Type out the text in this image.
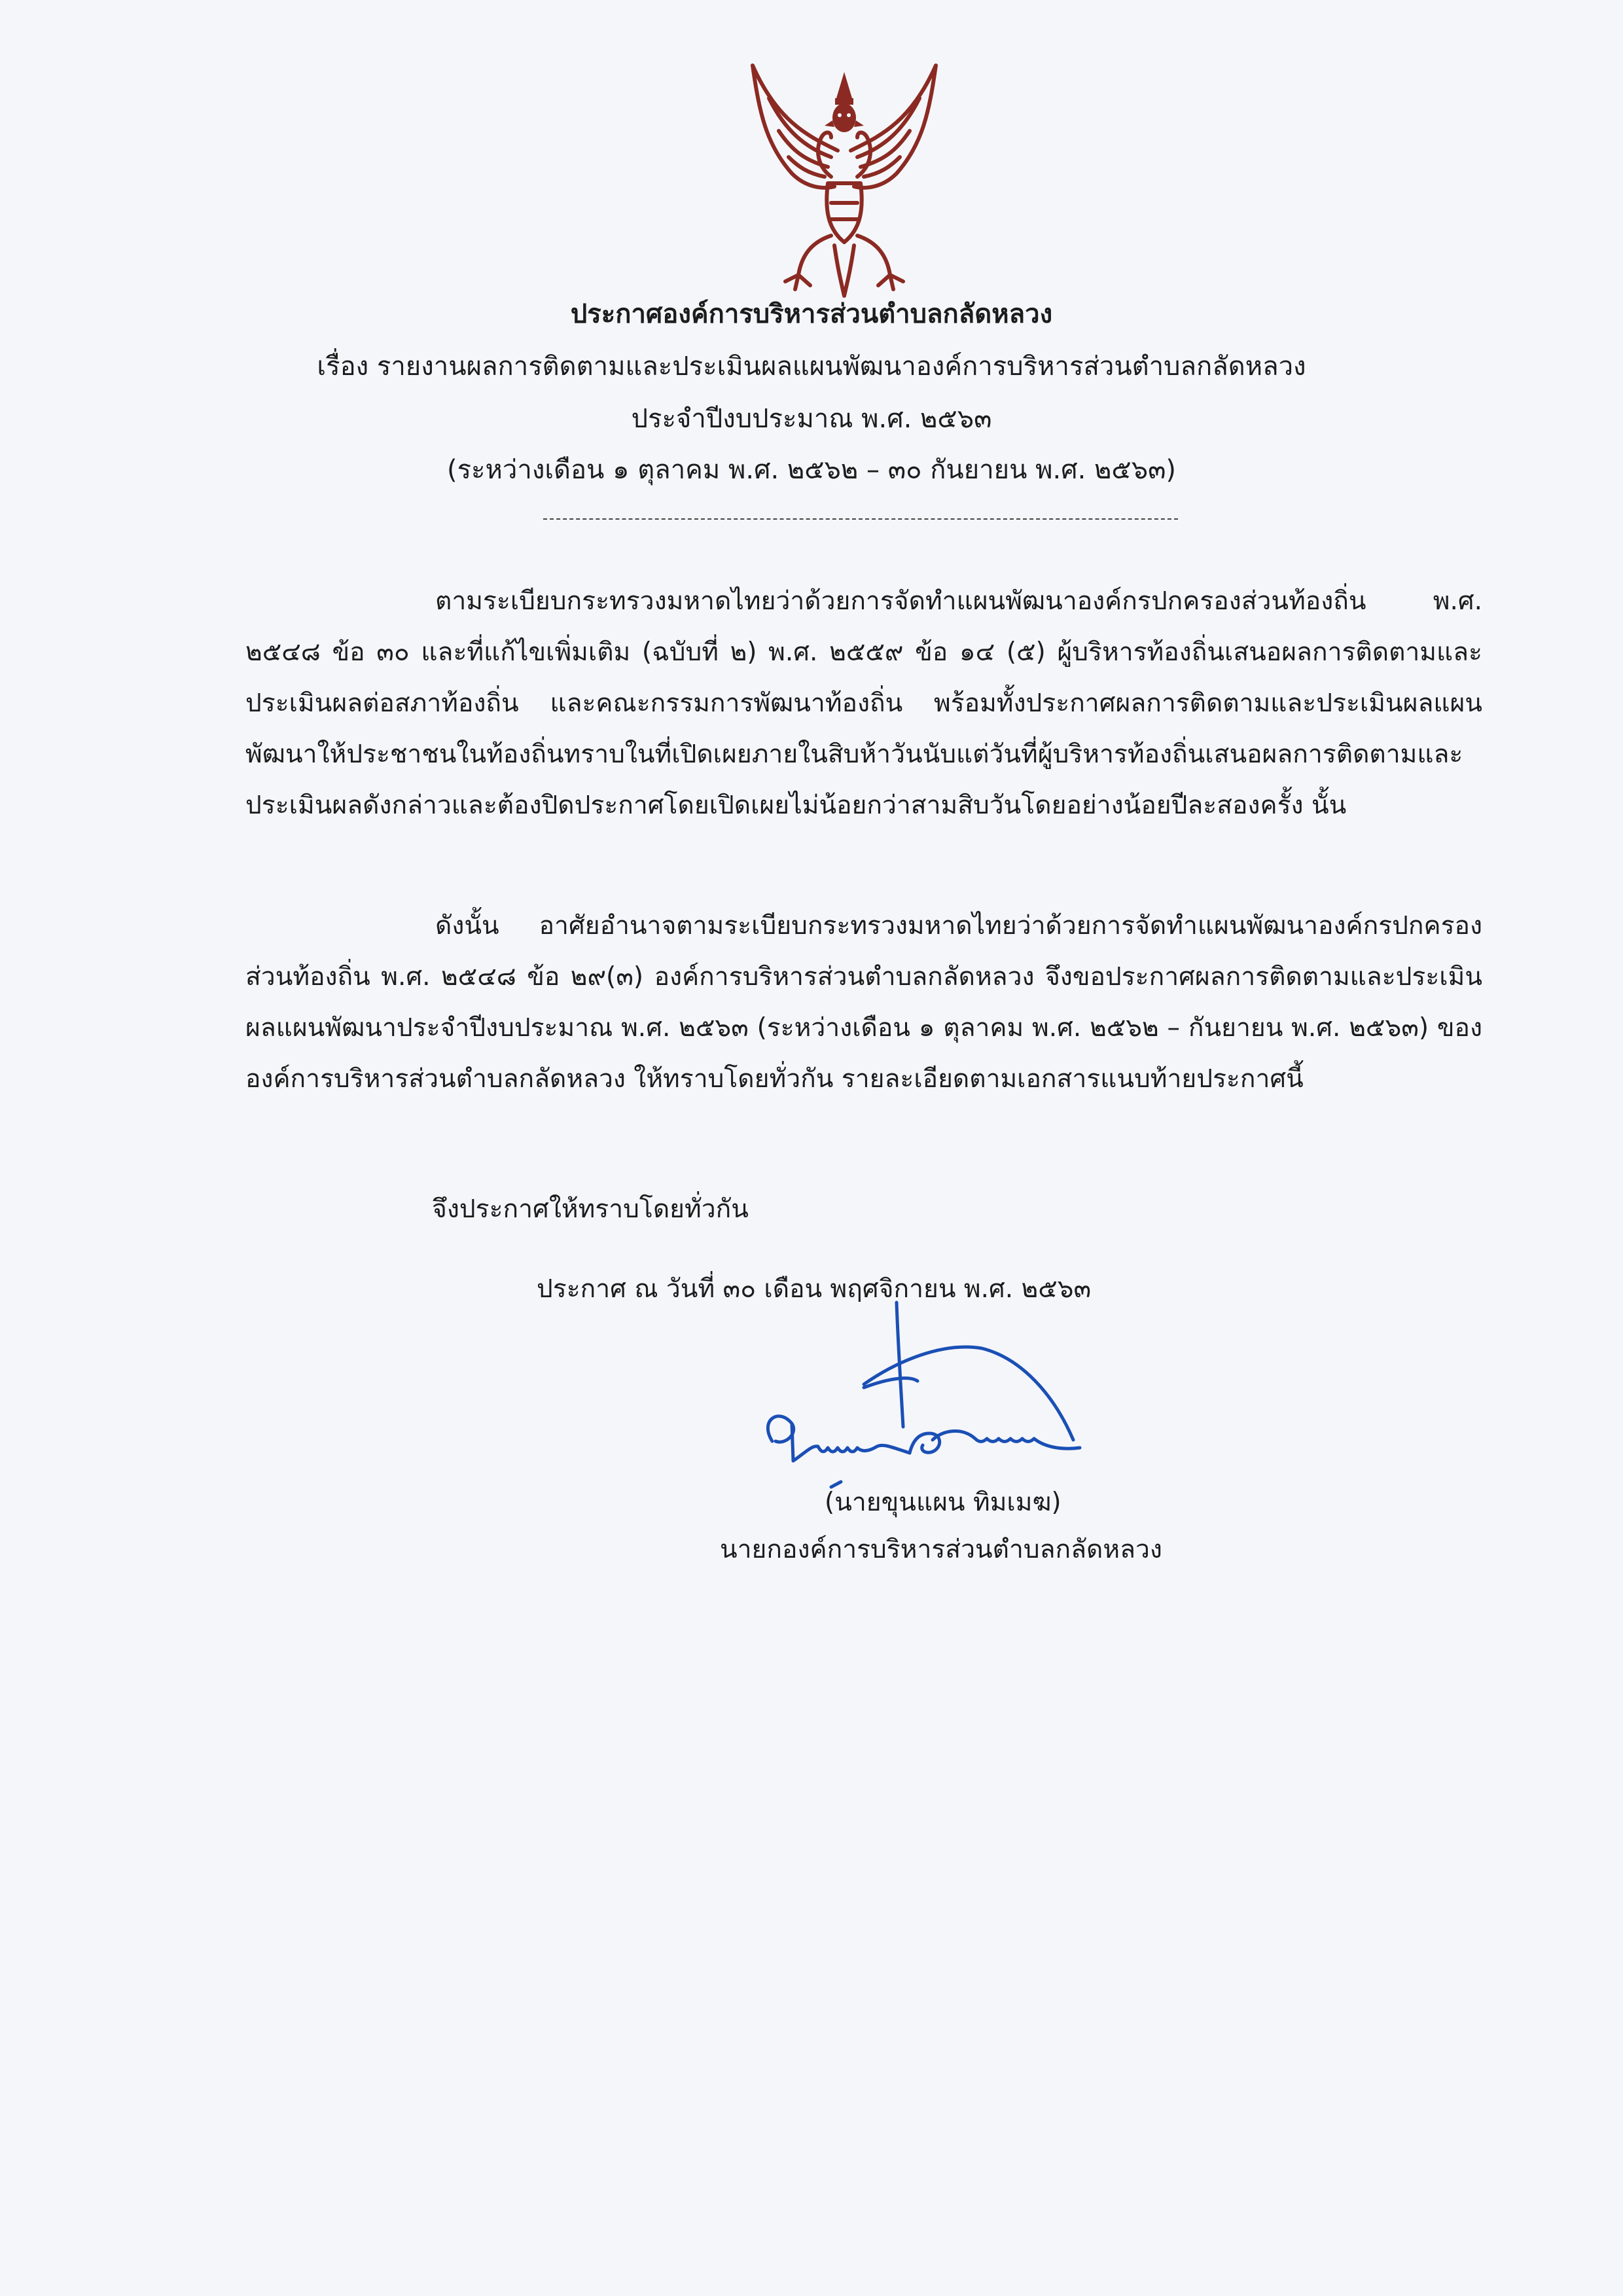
ประกาศองค์การบริหารส่วนตำบลกลัดหลวง
เรื่อง รายงานผลการติดตามและประเมินผลแผนพัฒนาองค์การบริหารส่วนตำบลกลัดหลวง
ประจำปีงบประมาณ พ.ศ. ๒๕๖๓
(ระหว่างเดือน ๑ ตุลาคม พ.ศ. ๒๕๖๒ – ๓๐ กันยายน พ.ศ. ๒๕๖๓)
ตามระเบียบกระทรวงมหาดไทยว่าด้วยการจัดทำแผนพัฒนาองค์กรปกครองส่วนท้องถิ่น พ.ศ. ๒๕๔๘ ข้อ ๓๐ และที่แก้ไขเพิ่มเติม (ฉบับที่ ๒) พ.ศ. ๒๕๕๙ ข้อ ๑๔ (๕) ผู้บริหารท้องถิ่นเสนอผลการติดตามและประเมินผลต่อสภาท้องถิ่น และคณะกรรมการพัฒนาท้องถิ่น พร้อมทั้งประกาศผลการติดตามและประเมินผลแผนพัฒนาให้ประชาชนในท้องถิ่นทราบในที่เปิดเผยภายในสิบห้าวันนับแต่วันที่ผู้บริหารท้องถิ่นเสนอผลการติดตามและประเมินผลดังกล่าวและต้องปิดประกาศโดยเปิดเผยไม่น้อยกว่าสามสิบวันโดยอย่างน้อยปีละสองครั้ง นั้น
ดังนั้น อาศัยอำนาจตามระเบียบกระทรวงมหาดไทยว่าด้วยการจัดทำแผนพัฒนาองค์กรปกครองส่วนท้องถิ่น พ.ศ. ๒๕๔๘ ข้อ ๒๙(๓) องค์การบริหารส่วนตำบลกลัดหลวง จึงขอประกาศผลการติดตามและประเมินผลแผนพัฒนาประจำปีงบประมาณ พ.ศ. ๒๕๖๓ (ระหว่างเดือน ๑ ตุลาคม พ.ศ. ๒๕๖๒ – กันยายน พ.ศ. ๒๕๖๓) ขององค์การบริหารส่วนตำบลกลัดหลวง ให้ทราบโดยทั่วกัน รายละเอียดตามเอกสารแนบท้ายประกาศนี้
จึงประกาศให้ทราบโดยทั่วกัน
ประกาศ ณ วันที่ ๓๐ เดือน พฤศจิกายน พ.ศ. ๒๕๖๓
(นายขุนแผน ทิมเมฆ)
นายกองค์การบริหารส่วนตำบลกลัดหลวง
